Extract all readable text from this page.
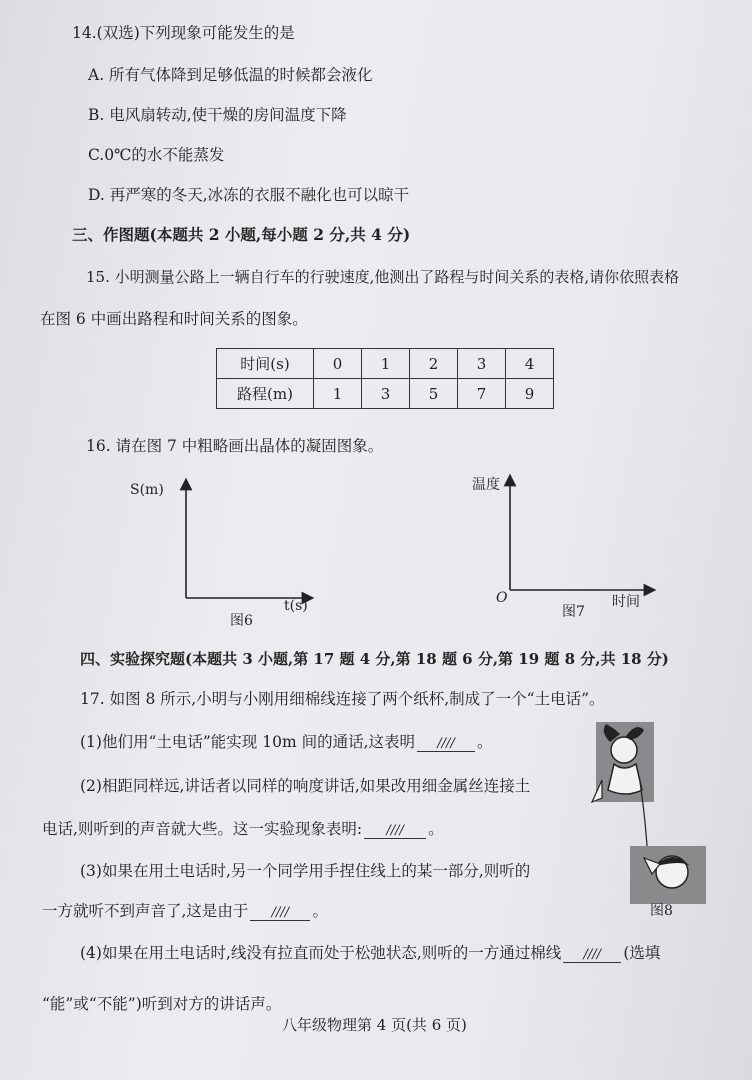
14.(双选)下列现象可能发生的是
A. 所有气体降到足够低温的时候都会液化
B. 电风扇转动,使干燥的房间温度下降
C.0℃的水不能蒸发
D. 再严寒的冬天,冰冻的衣服不融化也可以晾干
三、作图题(本题共 2 小题,每小题 2 分,共 4 分)
15. 小明测量公路上一辆自行车的行驶速度,他测出了路程与时间关系的表格,请你依照表格
在图 6 中画出路程和时间关系的图象。
时间(s)	0	1	2	3	4
路程(m)	1	3	5	7	9
16. 请在图 7 中粗略画出晶体的凝固图象。
S(m)
t(s)
图6
温度
O	时间
图7
四、实验探究题(本题共 3 小题,第 17 题 4 分,第 18 题 6 分,第 19 题 8 分,共 18 分)
17. 如图 8 所示,小明与小刚用细棉线连接了两个纸杯,制成了一个“土电话”。
(1)他们用“土电话”能实现 10m 间的通话,这表明 //// 。
(2)相距同样远,讲话者以同样的响度讲话,如果改用细金属丝连接土
电话,则听到的声音就大些。这一实验现象表明: //// 。
(3)如果在用土电话时,另一个同学用手捏住线上的某一部分,则听的
一方就听不到声音了,这是由于 //// 。
(4)如果在用土电话时,线没有拉直而处于松弛状态,则听的一方通过棉线 //// (选填
“能”或“不能”)听到对方的讲话声。
图8
八年级物理第 4 页(共 6 页)
